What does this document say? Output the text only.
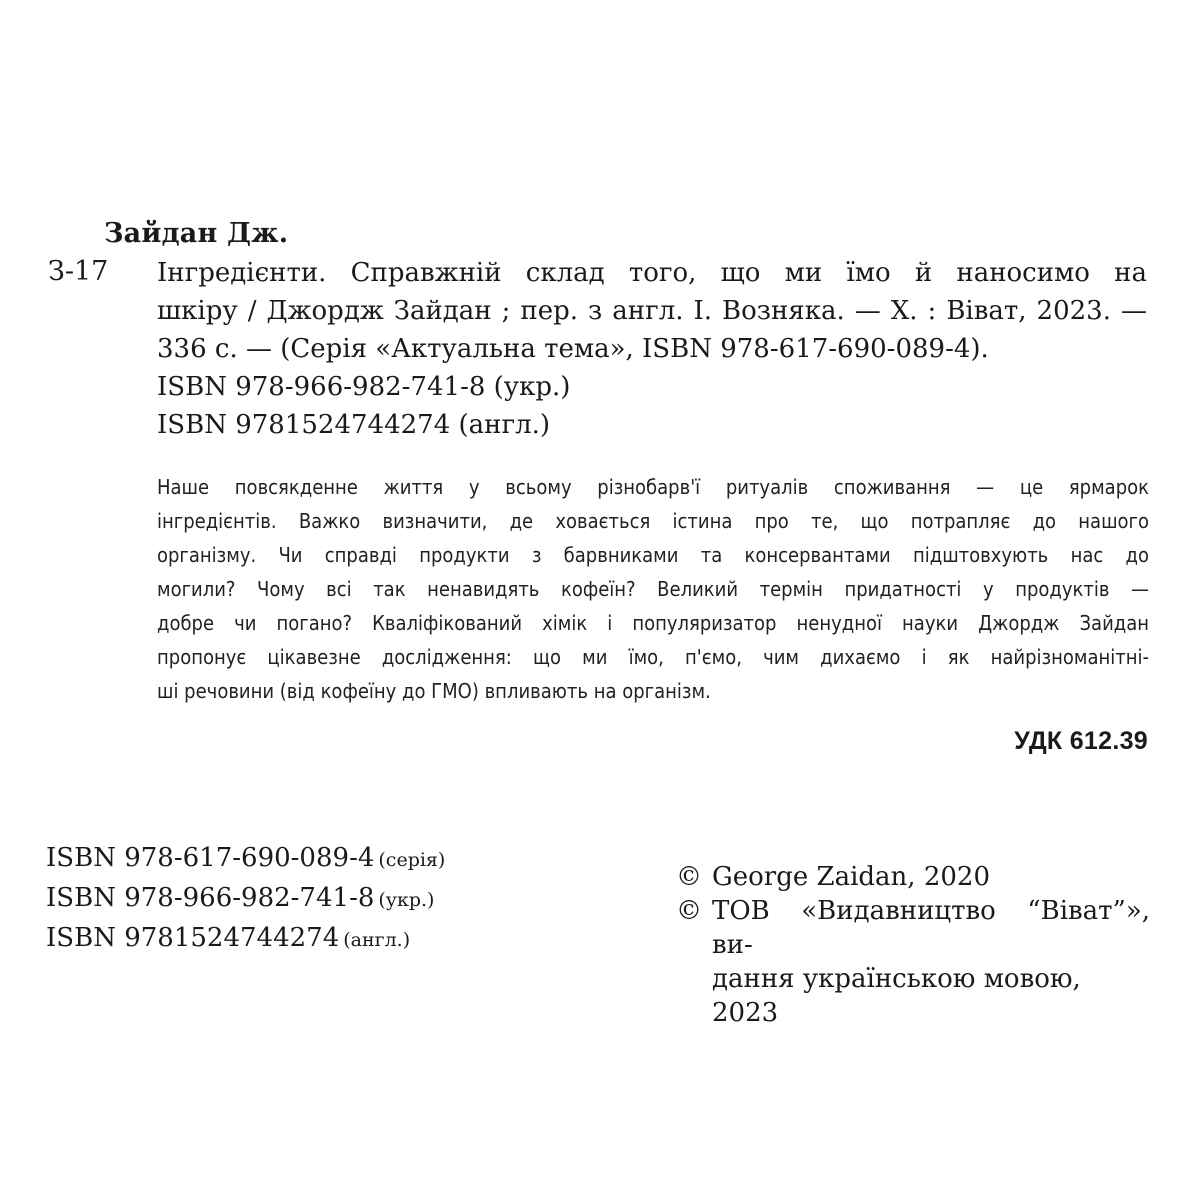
Зайдан Дж.
З-17 Інгредієнти. Справжній склад того, що ми їмо й наносимо на
шкіру / Джордж Зайдан ; пер. з англ. І. Возняка. — Х. : Віват, 2023. —
336 с. — (Серія «Актуальна тема», ISBN 978-617-690-089-4).
ISBN 978-966-982-741-8 (укр.)
ISBN 9781524744274 (англ.)
Наше повсякденне життя у всьому різнобарв'ї ритуалів споживання — це ярмарок
інгредієнтів. Важко визначити, де ховається істина про те, що потрапляє до нашого
організму. Чи справді продукти з барвниками та консервантами підштовхують нас до
могили? Чому всі так ненавидять кофеїн? Великий термін придатності у продуктів —
добре чи погано? Кваліфікований хімік і популяризатор ненудної науки Джордж Зайдан
пропонує цікавезне дослідження: що ми їмо, п'ємо, чим дихаємо і як найрізноманітні-
ші речовини (від кофеїну до ГМО) впливають на організм.
УДК 612.39
ISBN 978-617-690-089-4 (серія)
ISBN 978-966-982-741-8 (укр.)
ISBN 9781524744274 (англ.)
© George Zaidan, 2020
© ТОВ «Видавництво “Віват”», ви-
дання українською мовою, 2023
